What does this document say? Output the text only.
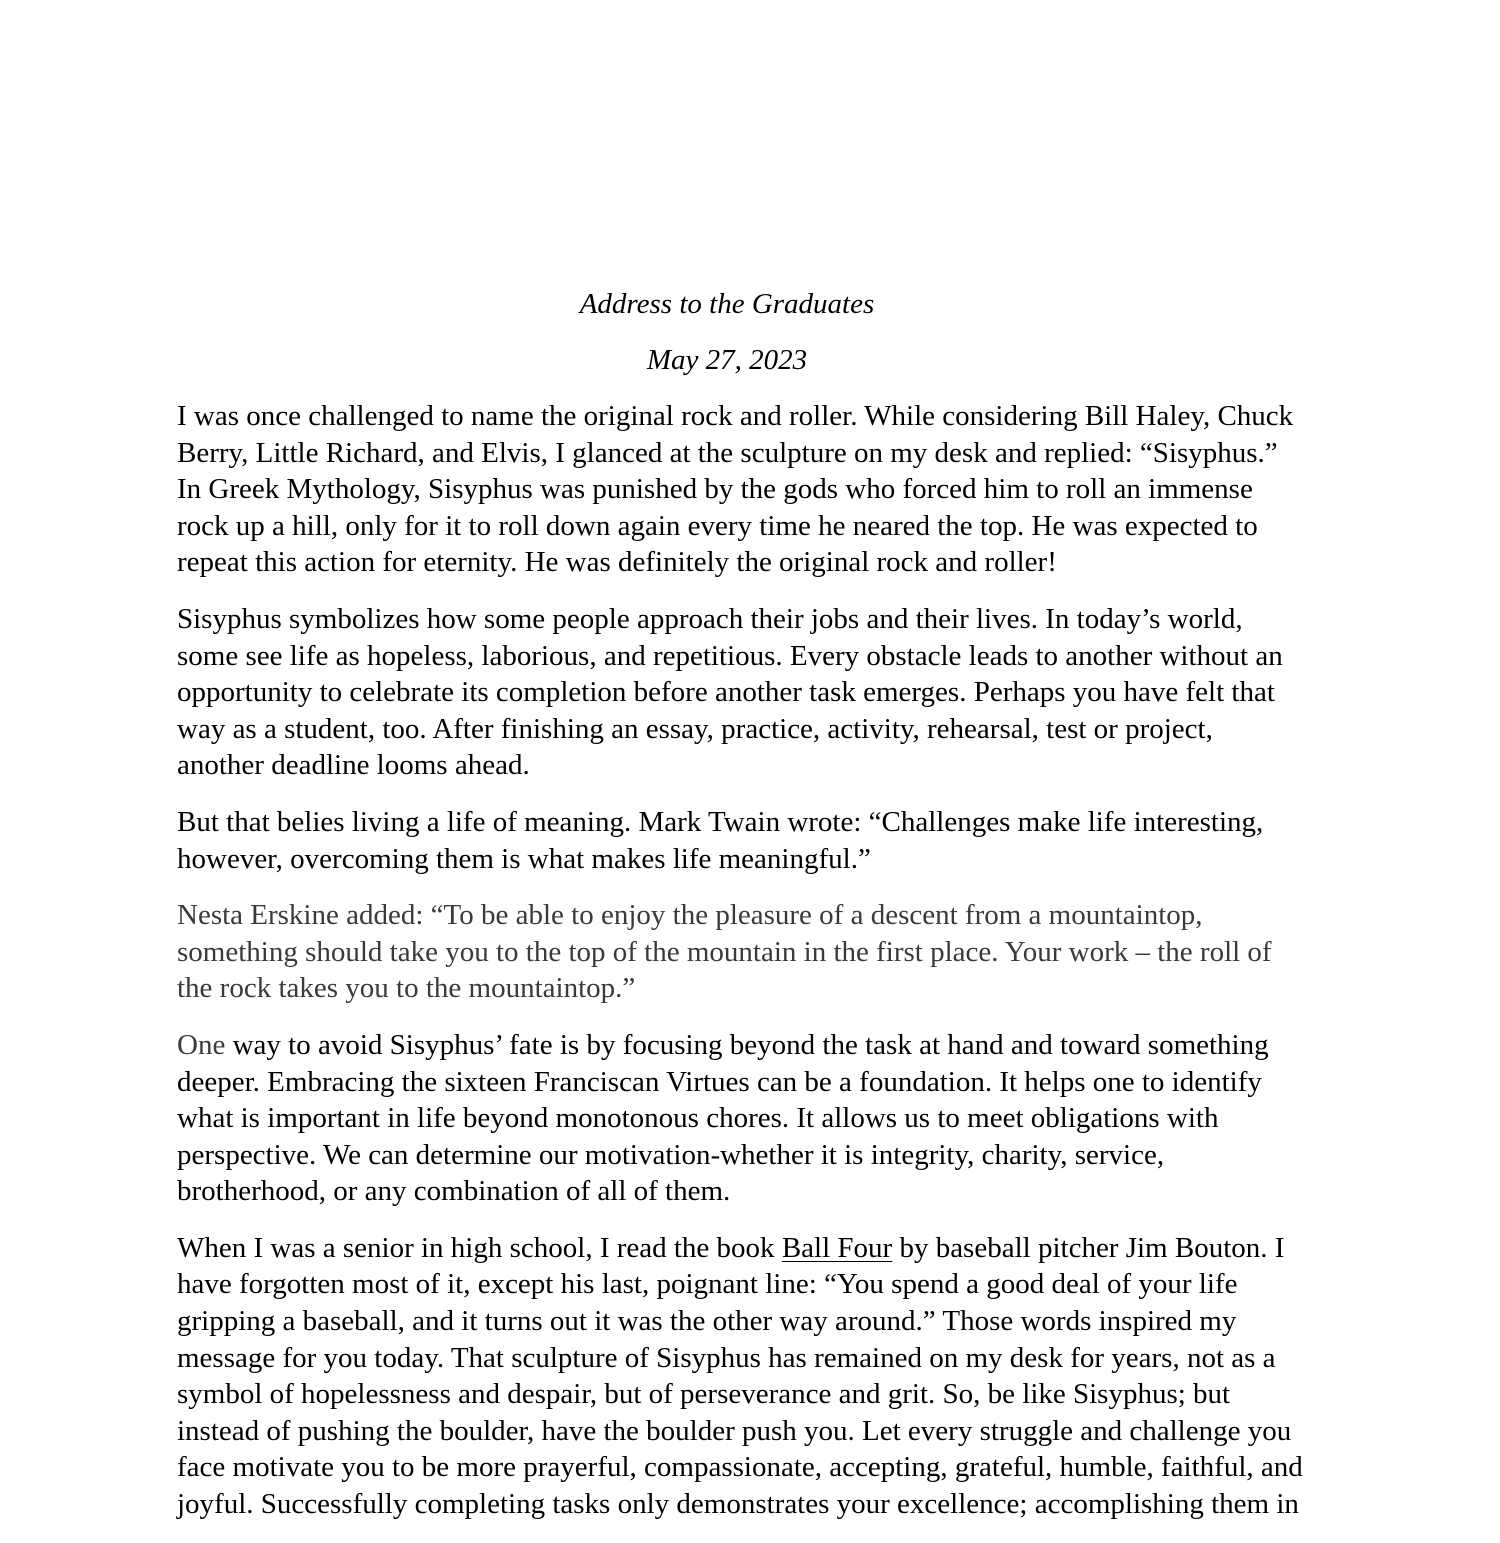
Address to the Graduates

May 27, 2023

I was once challenged to name the original rock and roller. While considering Bill Haley, Chuck
Berry, Little Richard, and Elvis, I glanced at the sculpture on my desk and replied: “Sisyphus.”
In Greek Mythology, Sisyphus was punished by the gods who forced him to roll an immense
rock up a hill, only for it to roll down again every time he neared the top. He was expected to
repeat this action for eternity. He was definitely the original rock and roller!

Sisyphus symbolizes how some people approach their jobs and their lives. In today’s world,
some see life as hopeless, laborious, and repetitious. Every obstacle leads to another without an
opportunity to celebrate its completion before another task emerges. Perhaps you have felt that
way as a student, too. After finishing an essay, practice, activity, rehearsal, test or project,
another deadline looms ahead.

But that belies living a life of meaning. Mark Twain wrote: “Challenges make life interesting,
however, overcoming them is what makes life meaningful.”

Nesta Erskine added: “To be able to enjoy the pleasure of a descent from a mountaintop,
something should take you to the top of the mountain in the first place. Your work – the roll of
the rock takes you to the mountaintop.”

One way to avoid Sisyphus’ fate is by focusing beyond the task at hand and toward something
deeper. Embracing the sixteen Franciscan Virtues can be a foundation. It helps one to identify
what is important in life beyond monotonous chores. It allows us to meet obligations with
perspective. We can determine our motivation-whether it is integrity, charity, service,
brotherhood, or any combination of all of them.

When I was a senior in high school, I read the book Ball Four by baseball pitcher Jim Bouton. I
have forgotten most of it, except his last, poignant line: “You spend a good deal of your life
gripping a baseball, and it turns out it was the other way around.” Those words inspired my
message for you today. That sculpture of Sisyphus has remained on my desk for years, not as a
symbol of hopelessness and despair, but of perseverance and grit. So, be like Sisyphus; but
instead of pushing the boulder, have the boulder push you. Let every struggle and challenge you
face motivate you to be more prayerful, compassionate, accepting, grateful, humble, faithful, and
joyful. Successfully completing tasks only demonstrates your excellence; accomplishing them in
